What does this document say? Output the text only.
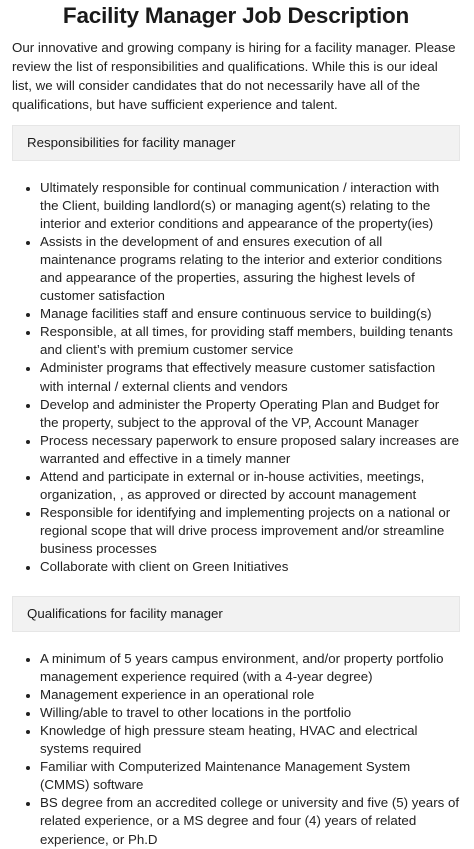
Facility Manager Job Description

Our innovative and growing company is hiring for a facility manager. Please review the list of responsibilities and qualifications. While this is our ideal list, we will consider candidates that do not necessarily have all of the qualifications, but have sufficient experience and talent.

Responsibilities for facility manager
• Ultimately responsible for continual communication / interaction with the Client, building landlord(s) or managing agent(s) relating to the interior and exterior conditions and appearance of the property(ies)
• Assists in the development of and ensures execution of all maintenance programs relating to the interior and exterior conditions and appearance of the properties, assuring the highest levels of customer satisfaction
• Manage facilities staff and ensure continuous service to building(s)
• Responsible, at all times, for providing staff members, building tenants and client’s with premium customer service
• Administer programs that effectively measure customer satisfaction with internal / external clients and vendors
• Develop and administer the Property Operating Plan and Budget for the property, subject to the approval of the VP, Account Manager
• Process necessary paperwork to ensure proposed salary increases are warranted and effective in a timely manner
• Attend and participate in external or in-house activities, meetings, organization, , as approved or directed by account management
• Responsible for identifying and implementing projects on a national or regional scope that will drive process improvement and/or streamline business processes
• Collaborate with client on Green Initiatives
Qualifications for facility manager
• A minimum of 5 years campus environment, and/or property portfolio management experience required (with a 4-year degree)
• Management experience in an operational role
• Willing/able to travel to other locations in the portfolio
• Knowledge of high pressure steam heating, HVAC and electrical systems required
• Familiar with Computerized Maintenance Management System (CMMS) software
• BS degree from an accredited college or university and five (5) years of related experience, or a MS degree and four (4) years of related experience, or Ph.D
